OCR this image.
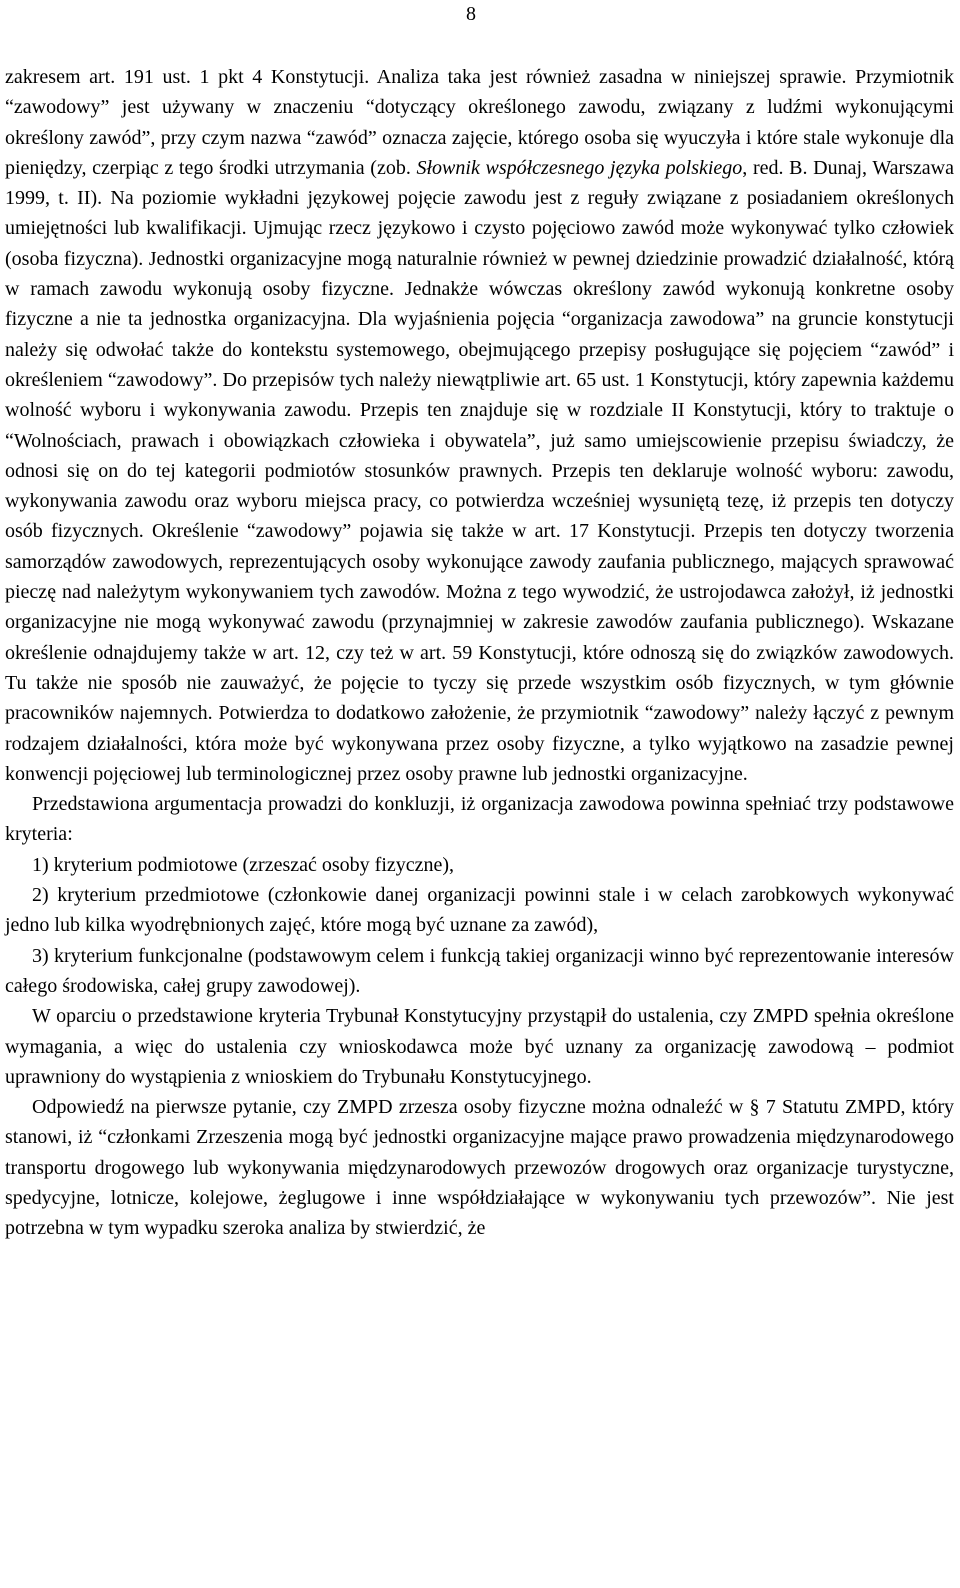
8

zakresem art. 191 ust. 1 pkt 4 Konstytucji. Analiza taka jest również zasadna w niniejszej sprawie. Przymiotnik “zawodowy” jest używany w znaczeniu “dotyczący określonego zawodu, związany z ludźmi wykonującymi określony zawód”, przy czym nazwa “zawód” oznacza zajęcie, którego osoba się wyuczyła i które stale wykonuje dla pieniędzy, czerpiąc z tego środki utrzymania (zob. Słownik współczesnego języka polskiego, red. B. Dunaj, Warszawa 1999, t. II). Na poziomie wykładni językowej pojęcie zawodu jest z reguły związane z posiadaniem określonych umiejętności lub kwalifikacji. Ujmując rzecz językowo i czysto pojęciowo zawód może wykonywać tylko człowiek (osoba fizyczna). Jednostki organizacyjne mogą naturalnie również w pewnej dziedzinie prowadzić działalność, którą w ramach zawodu wykonują osoby fizyczne. Jednakże wówczas określony zawód wykonują konkretne osoby fizyczne a nie ta jednostka organizacyjna. Dla wyjaśnienia pojęcia “organizacja zawodowa” na gruncie konstytucji należy się odwołać także do kontekstu systemowego, obejmującego przepisy posługujące się pojęciem “zawód” i określeniem “zawodowy”. Do przepisów tych należy niewątpliwie art. 65 ust. 1 Konstytucji, który zapewnia każdemu wolność wyboru i wykonywania zawodu. Przepis ten znajduje się w rozdziale II Konstytucji, który to traktuje o “Wolnościach, prawach i obowiązkach człowieka i obywatela”, już samo umiejscowienie przepisu świadczy, że odnosi się on do tej kategorii podmiotów stosunków prawnych. Przepis ten deklaruje wolność wyboru: zawodu, wykonywania zawodu oraz wyboru miejsca pracy, co potwierdza wcześniej wysuniętą tezę, iż przepis ten dotyczy osób fizycznych. Określenie “zawodowy” pojawia się także w art. 17 Konstytucji. Przepis ten dotyczy tworzenia samorządów zawodowych, reprezentujących osoby wykonujące zawody zaufania publicznego, mających sprawować pieczę nad należytym wykonywaniem tych zawodów. Można z tego wywodzić, że ustrojodawca założył, iż jednostki organizacyjne nie mogą wykonywać zawodu (przynajmniej w zakresie zawodów zaufania publicznego). Wskazane określenie odnajdujemy także w art. 12, czy też w art. 59 Konstytucji, które odnoszą się do związków zawodowych. Tu także nie sposób nie zauważyć, że pojęcie to tyczy się przede wszystkim osób fizycznych, w tym głównie pracowników najemnych. Potwierdza to dodatkowo założenie, że przymiotnik “zawodowy” należy łączyć z pewnym rodzajem działalności, która może być wykonywana przez osoby fizyczne, a tylko wyjątkowo na zasadzie pewnej konwencji pojęciowej lub terminologicznej przez osoby prawne lub jednostki organizacyjne.

Przedstawiona argumentacja prowadzi do konkluzji, iż organizacja zawodowa powinna spełniać trzy podstawowe kryteria:

1) kryterium podmiotowe (zrzeszać osoby fizyczne),

2) kryterium przedmiotowe (członkowie danej organizacji powinni stale i w celach zarobkowych wykonywać jedno lub kilka wyodrębnionych zajęć, które mogą być uznane za zawód),

3) kryterium funkcjonalne (podstawowym celem i funkcją takiej organizacji winno być reprezentowanie interesów całego środowiska, całej grupy zawodowej).

W oparciu o przedstawione kryteria Trybunał Konstytucyjny przystąpił do ustalenia, czy ZMPD spełnia określone wymagania, a więc do ustalenia czy wnioskodawca może być uznany za organizację zawodową – podmiot uprawniony do wystąpienia z wnioskiem do Trybunału Konstytucyjnego.

Odpowiedź na pierwsze pytanie, czy ZMPD zrzesza osoby fizyczne można odnaleźć w § 7 Statutu ZMPD, który stanowi, iż “członkami Zrzeszenia mogą być jednostki organizacyjne mające prawo prowadzenia międzynarodowego transportu drogowego lub wykonywania międzynarodowych przewozów drogowych oraz organizacje turystyczne, spedycyjne, lotnicze, kolejowe, żeglugowe i inne współdziałające w wykonywaniu tych przewozów”. Nie jest potrzebna w tym wypadku szeroka analiza by stwierdzić, że
